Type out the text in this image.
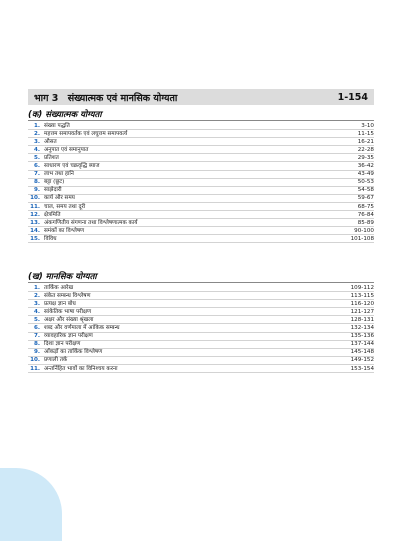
भाग 3 संख्यात्मक एवं मानसिक योग्यता	1-154
(क) संख्यात्मक योग्यता
1. संख्या पद्धति	3-10
2. महत्तम समापवर्तक एवं लघुत्तम समापवर्त्य	11-15
3. औसत	16-21
4. अनुपात एवं समानुपात	22-28
5. प्रतिशत	29-35
6. साधारण एवं चक्रवृद्धि ब्याज	36-42
7. लाभ तथा हानि	43-49
8. बट्टा (छूट)	50-53
9. साझेदारी	54-58
10. कार्य और समय	59-67
11. चाल, समय तथा दूरी	68-75
12. क्षेत्रमिति	76-84
13. अंकगणितीय संगणना तथा विश्लेषणात्मक कार्य	85-89
14. समंकों का विश्लेषण	90-100
15. विविध	101-108
(ख) मानसिक योग्यता
1. तार्किक आरेख	109-112
2. संकेत सम्बन्ध विश्लेषण	113-115
3. प्रत्यक्ष ज्ञान बोध	116-120
4. सांकेतिक भाषा परीक्षण	121-127
5. अक्षर और संख्या श्रृंखला	128-131
6. शब्द और वर्णमाला में आंकिक सम्बन्ध	132-134
7. व्यावहारिक ज्ञान परीक्षण	135-136
8. दिशा ज्ञान परीक्षण	137-144
9. आँकड़ों का तार्किक विश्लेषण	145-148
10. प्रणाली तर्क	149-152
11. अन्तर्निहित भावों का विनिश्चय करना	153-154
